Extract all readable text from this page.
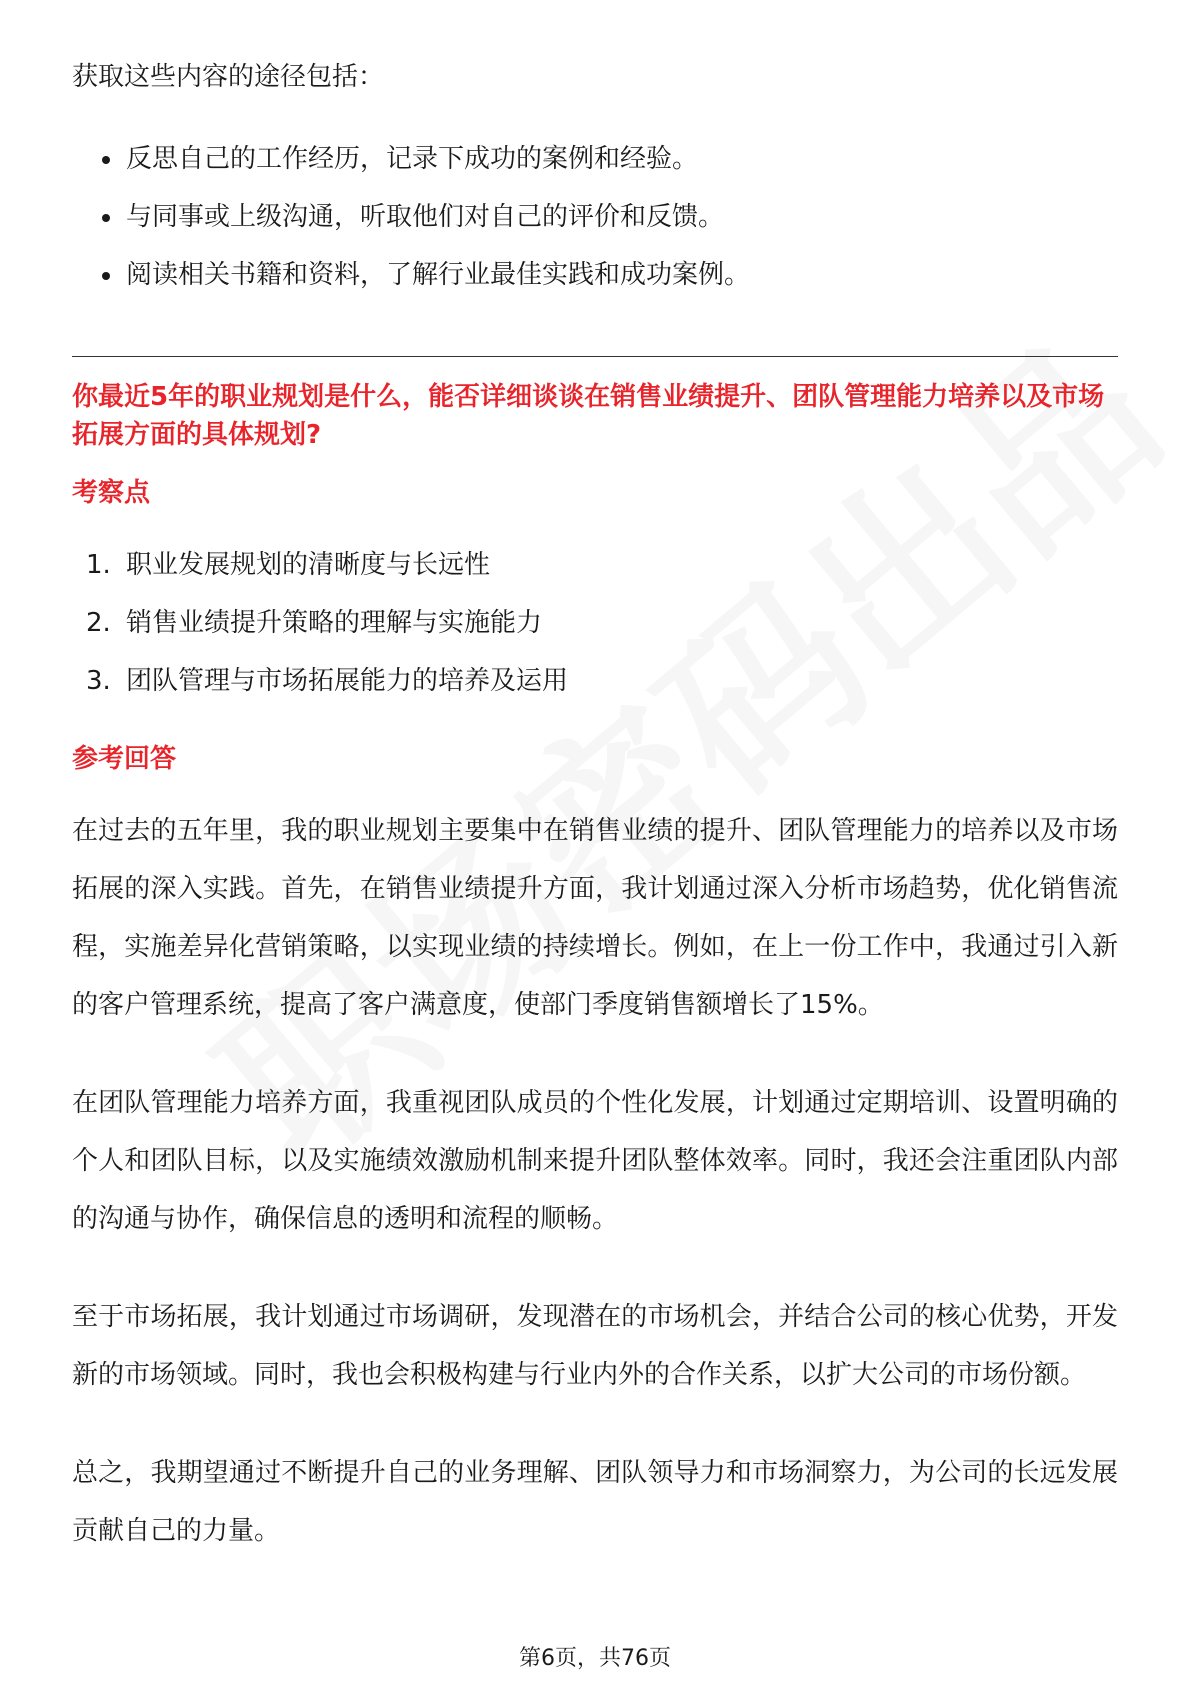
获取这些内容的途径包括：

反思自己的工作经历，记录下成功的案例和经验。
与同事或上级沟通，听取他们对自己的评价和反馈。
阅读相关书籍和资料，了解行业最佳实践和成功案例。

你最近5年的职业规划是什么，能否详细谈谈在销售业绩提升、团队管理能力培养以及市场拓展方面的具体规划?

考察点

1. 职业发展规划的清晰度与长远性
2. 销售业绩提升策略的理解与实施能力
3. 团队管理与市场拓展能力的培养及运用

参考回答

在过去的五年里，我的职业规划主要集中在销售业绩的提升、团队管理能力的培养以及市场拓展的深入实践。首先，在销售业绩提升方面，我计划通过深入分析市场趋势，优化销售流程，实施差异化营销策略，以实现业绩的持续增长。例如，在上一份工作中，我通过引入新的客户管理系统，提高了客户满意度，使部门季度销售额增长了15%。

在团队管理能力培养方面，我重视团队成员的个性化发展，计划通过定期培训、设置明确的个人和团队目标，以及实施绩效激励机制来提升团队整体效率。同时，我还会注重团队内部的沟通与协作，确保信息的透明和流程的顺畅。

至于市场拓展，我计划通过市场调研，发现潜在的市场机会，并结合公司的核心优势，开发新的市场领域。同时，我也会积极构建与行业内外的合作关系，以扩大公司的市场份额。

总之，我期望通过不断提升自己的业务理解、团队领导力和市场洞察力，为公司的长远发展贡献自己的力量。

第6页，共76页
